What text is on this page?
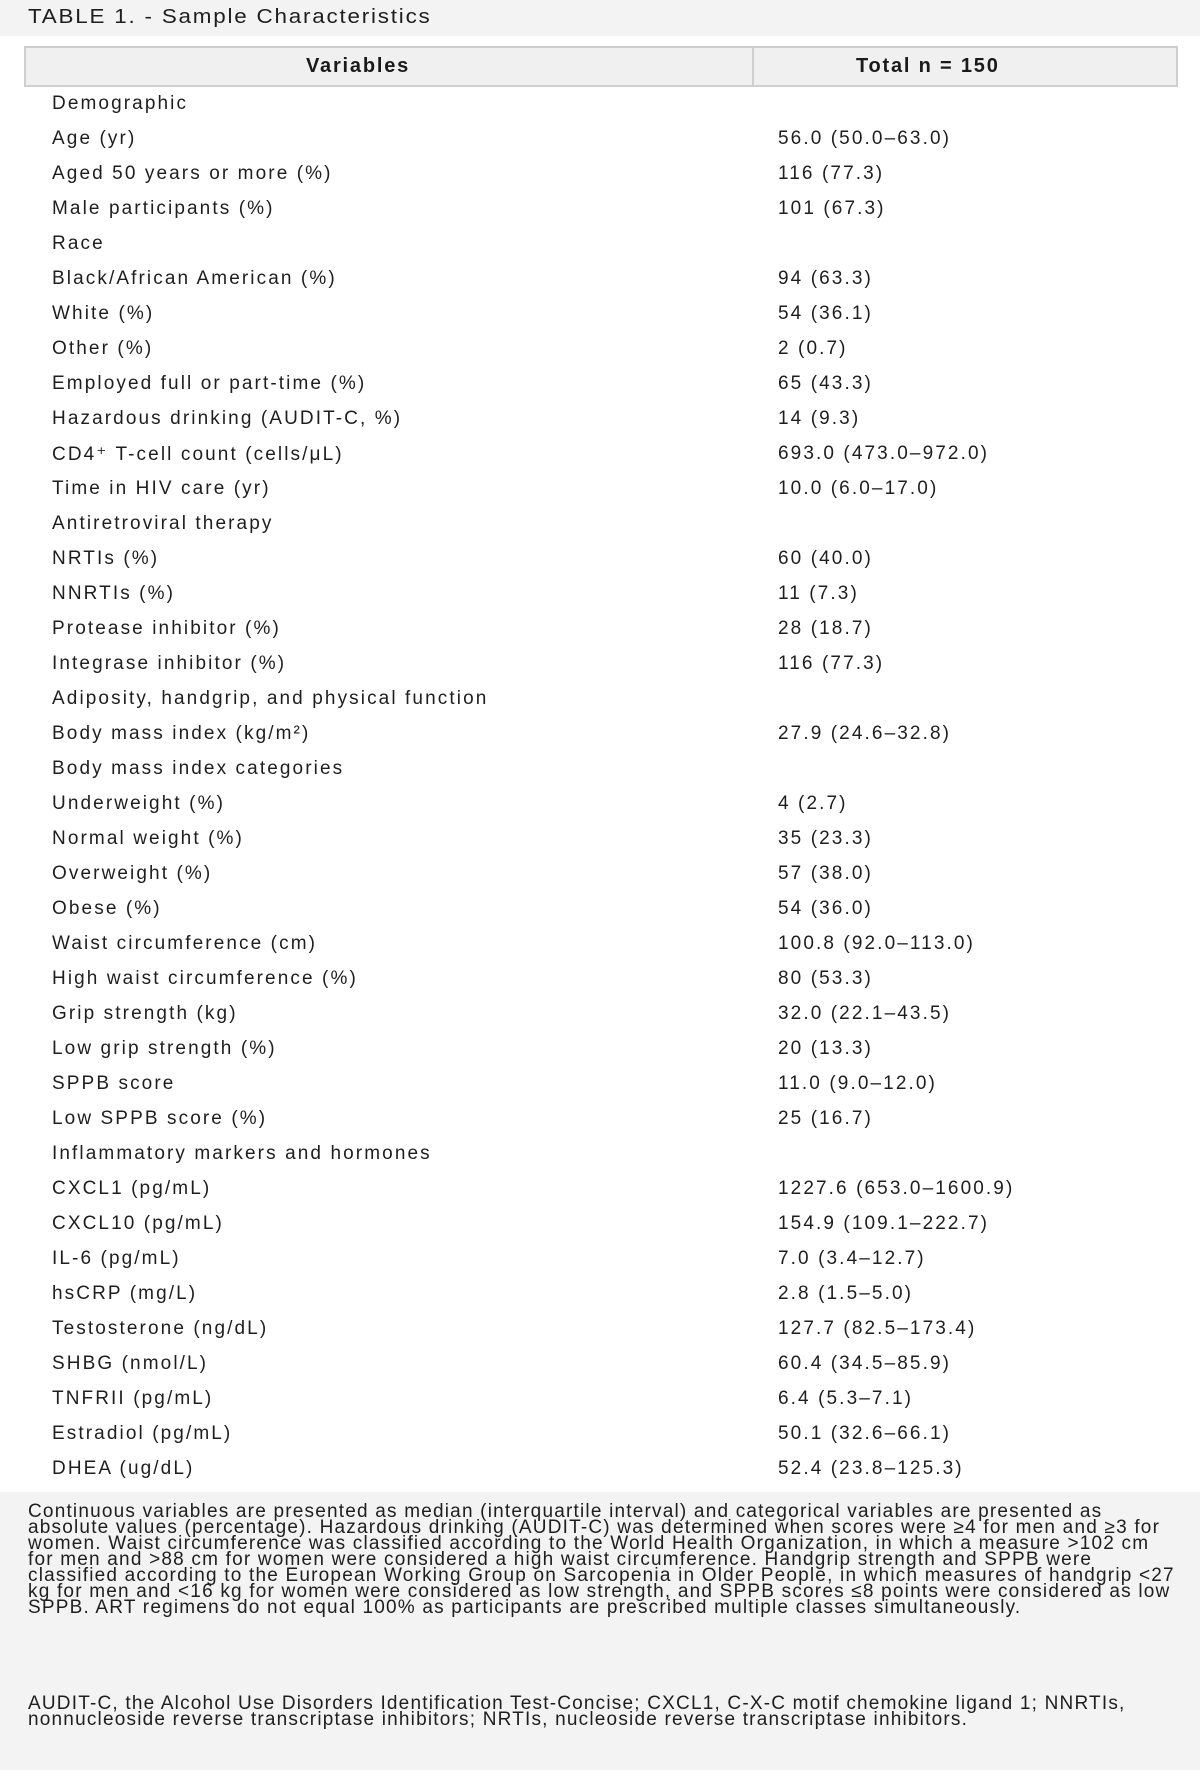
TABLE 1. - Sample Characteristics
Variables	Total n = 150
Demographic
Age (yr)	56.0 (50.0–63.0)
Aged 50 years or more (%)	116 (77.3)
Male participants (%)	101 (67.3)
Race
Black/African American (%)	94 (63.3)
White (%)	54 (36.1)
Other (%)	2 (0.7)
Employed full or part-time (%)	65 (43.3)
Hazardous drinking (AUDIT-C, %)	14 (9.3)
CD4⁺ T-cell count (cells/μL)	693.0 (473.0–972.0)
Time in HIV care (yr)	10.0 (6.0–17.0)
Antiretroviral therapy
NRTIs (%)	60 (40.0)
NNRTIs (%)	11 (7.3)
Protease inhibitor (%)	28 (18.7)
Integrase inhibitor (%)	116 (77.3)
Adiposity, handgrip, and physical function
Body mass index (kg/m²)	27.9 (24.6–32.8)
Body mass index categories
Underweight (%)	4 (2.7)
Normal weight (%)	35 (23.3)
Overweight (%)	57 (38.0)
Obese (%)	54 (36.0)
Waist circumference (cm)	100.8 (92.0–113.0)
High waist circumference (%)	80 (53.3)
Grip strength (kg)	32.0 (22.1–43.5)
Low grip strength (%)	20 (13.3)
SPPB score	11.0 (9.0–12.0)
Low SPPB score (%)	25 (16.7)
Inflammatory markers and hormones
CXCL1 (pg/mL)	1227.6 (653.0–1600.9)
CXCL10 (pg/mL)	154.9 (109.1–222.7)
IL-6 (pg/mL)	7.0 (3.4–12.7)
hsCRP (mg/L)	2.8 (1.5–5.0)
Testosterone (ng/dL)	127.7 (82.5–173.4)
SHBG (nmol/L)	60.4 (34.5–85.9)
TNFRII (pg/mL)	6.4 (5.3–7.1)
Estradiol (pg/mL)	50.1 (32.6–66.1)
DHEA (ug/dL)	52.4 (23.8–125.3)

Continuous variables are presented as median (interquartile interval) and categorical variables are presented as absolute values (percentage). Hazardous drinking (AUDIT-C) was determined when scores were ≥4 for men and ≥3 for women. Waist circumference was classified according to the World Health Organization, in which a measure >102 cm for men and >88 cm for women were considered a high waist circumference. Handgrip strength and SPPB were classified according to the European Working Group on Sarcopenia in Older People, in which measures of handgrip <27 kg for men and <16 kg for women were considered as low strength, and SPPB scores ≤8 points were considered as low SPPB. ART regimens do not equal 100% as participants are prescribed multiple classes simultaneously.

AUDIT-C, the Alcohol Use Disorders Identification Test-Concise; CXCL1, C-X-C motif chemokine ligand 1; NNRTIs, nonnucleoside reverse transcriptase inhibitors; NRTIs, nucleoside reverse transcriptase inhibitors.
